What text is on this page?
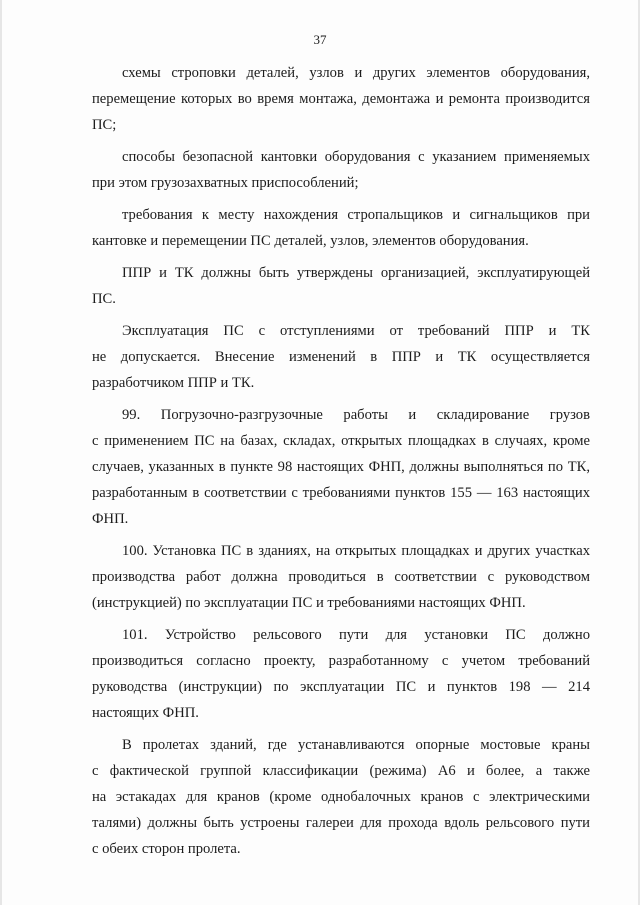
37

схемы строповки деталей, узлов и других элементов оборудования,
перемещение которых во время монтажа, демонтажа и ремонта производится
ПС;

способы безопасной кантовки оборудования с указанием применяемых
при этом грузозахватных приспособлений;

требования к месту нахождения стропальщиков и сигнальщиков при
кантовке и перемещении ПС деталей, узлов, элементов оборудования.

ППР и ТК должны быть утверждены организацией, эксплуатирующей
ПС.

Эксплуатация ПС с отступлениями от требований ППР и ТК
не допускается. Внесение изменений в ППР и ТК осуществляется
разработчиком ППР и ТК.

99. Погрузочно-разгрузочные работы и складирование грузов
с применением ПС на базах, складах, открытых площадках в случаях, кроме
случаев, указанных в пункте 98 настоящих ФНП, должны выполняться по ТК,
разработанным в соответствии с требованиями пунктов 155 — 163 настоящих
ФНП.

100. Установка ПС в зданиях, на открытых площадках и других участках
производства работ должна проводиться в соответствии с руководством
(инструкцией) по эксплуатации ПС и требованиями настоящих ФНП.

101. Устройство рельсового пути для установки ПС должно
производиться согласно проекту, разработанному с учетом требований
руководства (инструкции) по эксплуатации ПС и пунктов 198 — 214
настоящих ФНП.

В пролетах зданий, где устанавливаются опорные мостовые краны
с фактической группой классификации (режима) А6 и более, а также
на эстакадах для кранов (кроме однобалочных кранов с электрическими
талями) должны быть устроены галереи для прохода вдоль рельсового пути
с обеих сторон пролета.
